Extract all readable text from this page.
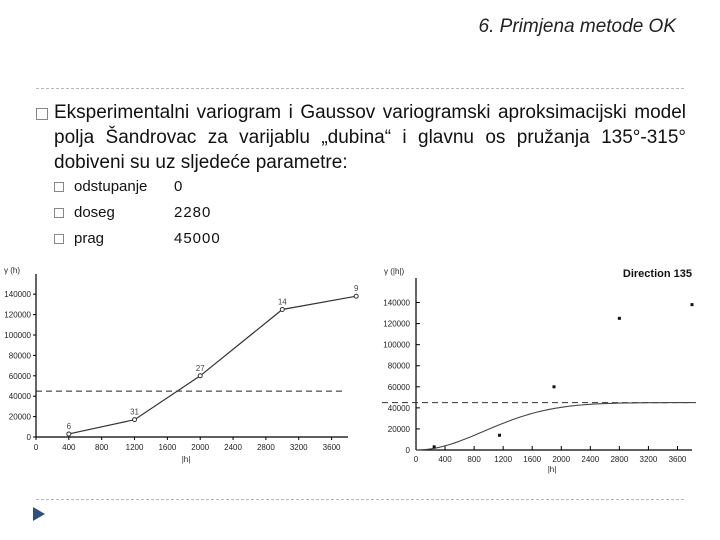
6. Primjena metode OK
Eksperimentalni variogram i Gaussov variogramski aproksimacijski model polja Šandrovac za varijablu „dubina“ i glavnu os pružanja 135°-315° dobiveni su uz sljedeće parametre:
odstupanje 0
doseg	2280
prag	45000
0
20000
40000
60000
80000
100000
120000
140000
0	400 800 1200 1600 2000 2400 2800 3200 3600
γ (h)
|h|
6
31
27
14
9
0
20000
40000
60000
80000
100000
120000
140000
0	400 800 1200 1600 2000 2400 2800 3200 3600
γ (|h|)
|h|
Direction 135
